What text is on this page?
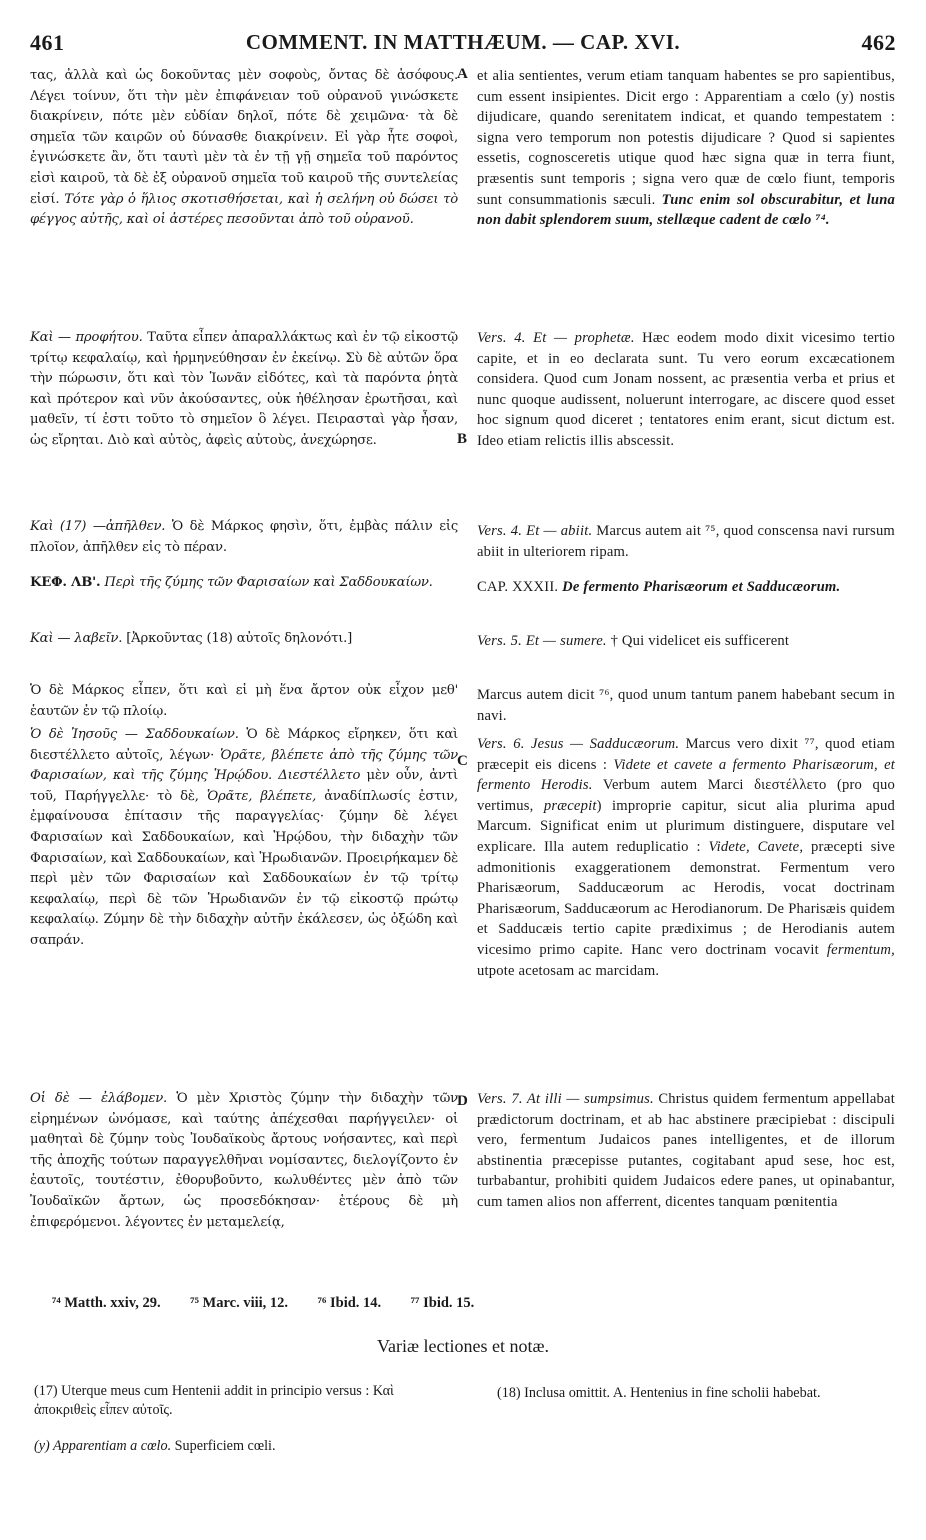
461	COMMENT. IN MATTHÆUM. — CAP. XVI.	462
A
B
C
D

τας, ἀλλὰ καὶ ὡς δοκοῦντας μὲν σοφοὺς, ὄντας δὲ ἀσόφους. Λέγει τοίνυν, ὅτι τὴν μὲν ἐπιφάνειαν τοῦ οὐρανοῦ γινώσκετε διακρίνειν, πότε μὲν εὐδίαν δηλοῖ, πότε δὲ χειμῶνα· τὰ δὲ σημεῖα τῶν καιρῶν οὐ δύνασθε διακρίνειν. Εἰ γὰρ ἦτε σοφοὶ, ἐγινώσκετε ἂν, ὅτι ταυτὶ μὲν τὰ ἐν τῇ γῇ σημεῖα τοῦ παρόντος εἰσὶ καιροῦ, τὰ δὲ ἐξ οὐρανοῦ σημεῖα τοῦ καιροῦ τῆς συντελείας εἰσί. Τότε γὰρ ὁ ἥλιος σκοτισθήσεται, καὶ ἡ σελήνη οὐ δώσει τὸ φέγγος αὐτῆς, καὶ οἱ ἀστέρες πεσοῦνται ἀπὸ τοῦ οὐρανοῦ.

Καὶ — προφήτου. Ταῦτα εἶπεν ἀπαραλλάκτως καὶ ἐν τῷ εἰκοστῷ τρίτῳ κεφαλαίῳ, καὶ ἡρμηνεύθησαν ἐν ἐκείνῳ. Σὺ δὲ αὐτῶν ὅρα τὴν πώρωσιν, ὅτι καὶ τὸν Ἰωνᾶν εἰδότες, καὶ τὰ παρόντα ῥητὰ καὶ πρότερον καὶ νῦν ἀκούσαντες, οὐκ ἠθέλησαν ἐρωτῆσαι, καὶ μαθεῖν, τί ἐστι τοῦτο τὸ σημεῖον ὃ λέγει. Πειρασταὶ γὰρ ἦσαν, ὡς εἴρηται. Διὸ καὶ αὐτὸς, ἀφεὶς αὐτοὺς, ἀνεχώρησε.

Καὶ (17) —ἀπῆλθεν. Ὁ δὲ Μάρκος φησὶν, ὅτι, ἐμβὰς πάλιν εἰς πλοῖον, ἀπῆλθεν εἰς τὸ πέραν.

ΚΕΦ. ΛΒ'. Περὶ τῆς ζύμης τῶν Φαρισαίων καὶ Σαδδουκαίων.

Καὶ — λαβεῖν. [Ἀρκοῦντας (18) αὐτοῖς δηλονότι.]

Ὁ δὲ Μάρκος εἶπεν, ὅτι καὶ εἰ μὴ ἕνα ἄρτον οὐκ εἶχον μεθ' ἑαυτῶν ἐν τῷ πλοίῳ.

Ὁ δὲ Ἰησοῦς — Σαδδουκαίων. Ὁ δὲ Μάρκος εἴρηκεν, ὅτι καὶ διεστέλλετο αὐτοῖς, λέγων· Ὁρᾶτε, βλέπετε ἀπὸ τῆς ζύμης τῶν Φαρισαίων, καὶ τῆς ζύμης Ἡρῴδου. Διεστέλλετο μὲν οὖν, ἀντὶ τοῦ, Παρήγγελλε· τὸ δὲ, Ὁρᾶτε, βλέπετε, ἀναδίπλωσίς ἐστιν, ἐμφαίνουσα ἐπίτασιν τῆς παραγγελίας· ζύμην δὲ λέγει Φαρισαίων καὶ Σαδδουκαίων, καὶ Ἡρῴδου, τὴν διδαχὴν τῶν Φαρισαίων, καὶ Σαδδουκαίων, καὶ Ἡρωδιανῶν. Προειρήκαμεν δὲ περὶ μὲν τῶν Φαρισαίων καὶ Σαδδουκαίων ἐν τῷ τρίτῳ κεφαλαίῳ, περὶ δὲ τῶν Ἡρωδιανῶν ἐν τῷ εἰκοστῷ πρώτῳ κεφαλαίῳ. Ζύμην δὲ τὴν διδαχὴν αὐτῆν ἐκάλεσεν, ὡς ὀξώδη καὶ σαπράν.

Οἱ δὲ — ἐλάβομεν. Ὁ μὲν Χριστὸς ζύμην τὴν διδαχὴν τῶν εἰρημένων ὠνόμασε, καὶ ταύτης ἀπέχεσθαι παρήγγειλεν· οἱ μαθηταὶ δὲ ζύμην τοὺς Ἰουδαϊκοὺς ἄρτους νοήσαντες, καὶ περὶ τῆς ἀποχῆς τούτων παραγγελθῆναι νομίσαντες, διελογίζοντο ἐν ἑαυτοῖς, τουτέστιν, ἐθορυβοῦντο, κωλυθέντες μὲν ἀπὸ τῶν Ἰουδαϊκῶν ἄρτων, ὡς προσεδόκησαν· ἑτέρους δὲ μὴ ἐπιφερόμενοι. λέγοντες ἐν μεταμελείᾳ,

et alia sentientes, verum etiam tanquam habentes se pro sapientibus, cum essent insipientes. Dicit ergo : Apparentiam a cœlo (y) nostis dijudicare, quando serenitatem indicat, et quando tempestatem : signa vero temporum non potestis dijudicare ? Quod si sapientes essetis, cognosceretis utique quod hæc signa quæ in terra fiunt, præsentis sunt temporis ; signa vero quæ de cœlo fiunt, temporis sunt consummationis sæculi. Tunc enim sol obscurabitur, et luna non dabit splendorem suum, stellæque cadent de cœlo ⁷⁴.

Vers. 4. Et — prophetæ. Hæc eodem modo dixit vicesimo tertio capite, et in eo declarata sunt. Tu vero eorum excæcationem considera. Quod cum Jonam nossent, ac præsentia verba et prius et nunc quoque audissent, noluerunt interrogare, ac discere quod esset hoc signum quod diceret ; tentatores enim erant, sicut dictum est. Ideo etiam relictis illis abscessit.

Vers. 4. Et — abiit. Marcus autem ait ⁷⁵, quod conscensa navi rursum abiit in ulteriorem ripam.

CAP. XXXII. De fermento Pharisæorum et Sadducæorum.

Vers. 5. Et — sumere. † Qui videlicet eis sufficerent

Marcus autem dicit ⁷⁶, quod unum tantum panem habebant secum in navi.

Vers. 6. Jesus — Sadducæorum. Marcus vero dixit ⁷⁷, quod etiam præcepit eis dicens : Videte et cavete a fermento Pharisæorum, et fermento Herodis. Verbum autem Marci διεστέλλετο (pro quo vertimus, præcepit) improprie capitur, sicut alia plurima apud Marcum. Significat enim ut plurimum distinguere, disputare vel explicare. Illa autem reduplicatio : Videte, Cavete, præcepti sive admonitionis exaggerationem demonstrat. Fermentum vero Pharisæorum, Sadducæorum ac Herodis, vocat doctrinam Pharisæorum, Sadducæorum ac Herodianorum. De Pharisæis quidem et Sadducæis tertio capite prædiximus ; de Herodianis autem vicesimo primo capite. Hanc vero doctrinam vocavit fermentum, utpote acetosam ac marcidam.

Vers. 7. At illi — sumpsimus. Christus quidem fermentum appellabat prædictorum doctrinam, et ab hac abstinere præcipiebat : discipuli vero, fermentum Judaicos panes intelligentes, et de illorum abstinentia præcepisse putantes, cogitabant apud sese, hoc est, turbabantur, prohibiti quidem Judaicos edere panes, ut opinabantur, cum tamen alios non afferrent, dicentes tanquam pœnitentia

⁷⁴ Matth. xxiv, 29. ⁷⁵ Marc. viii, 12. ⁷⁶ Ibid. 14. ⁷⁷ Ibid. 15.
Variæ lectiones et notæ.
(17) Uterque meus cum Hentenii addit in principio versus : Καὶ ἀποκριθεὶς εἶπεν αὐτοῖς.
(18) Inclusa omittit. A. Hentenius in fine scholii habebat.
(y) Apparentiam a cœlo. Superficiem cœli.
